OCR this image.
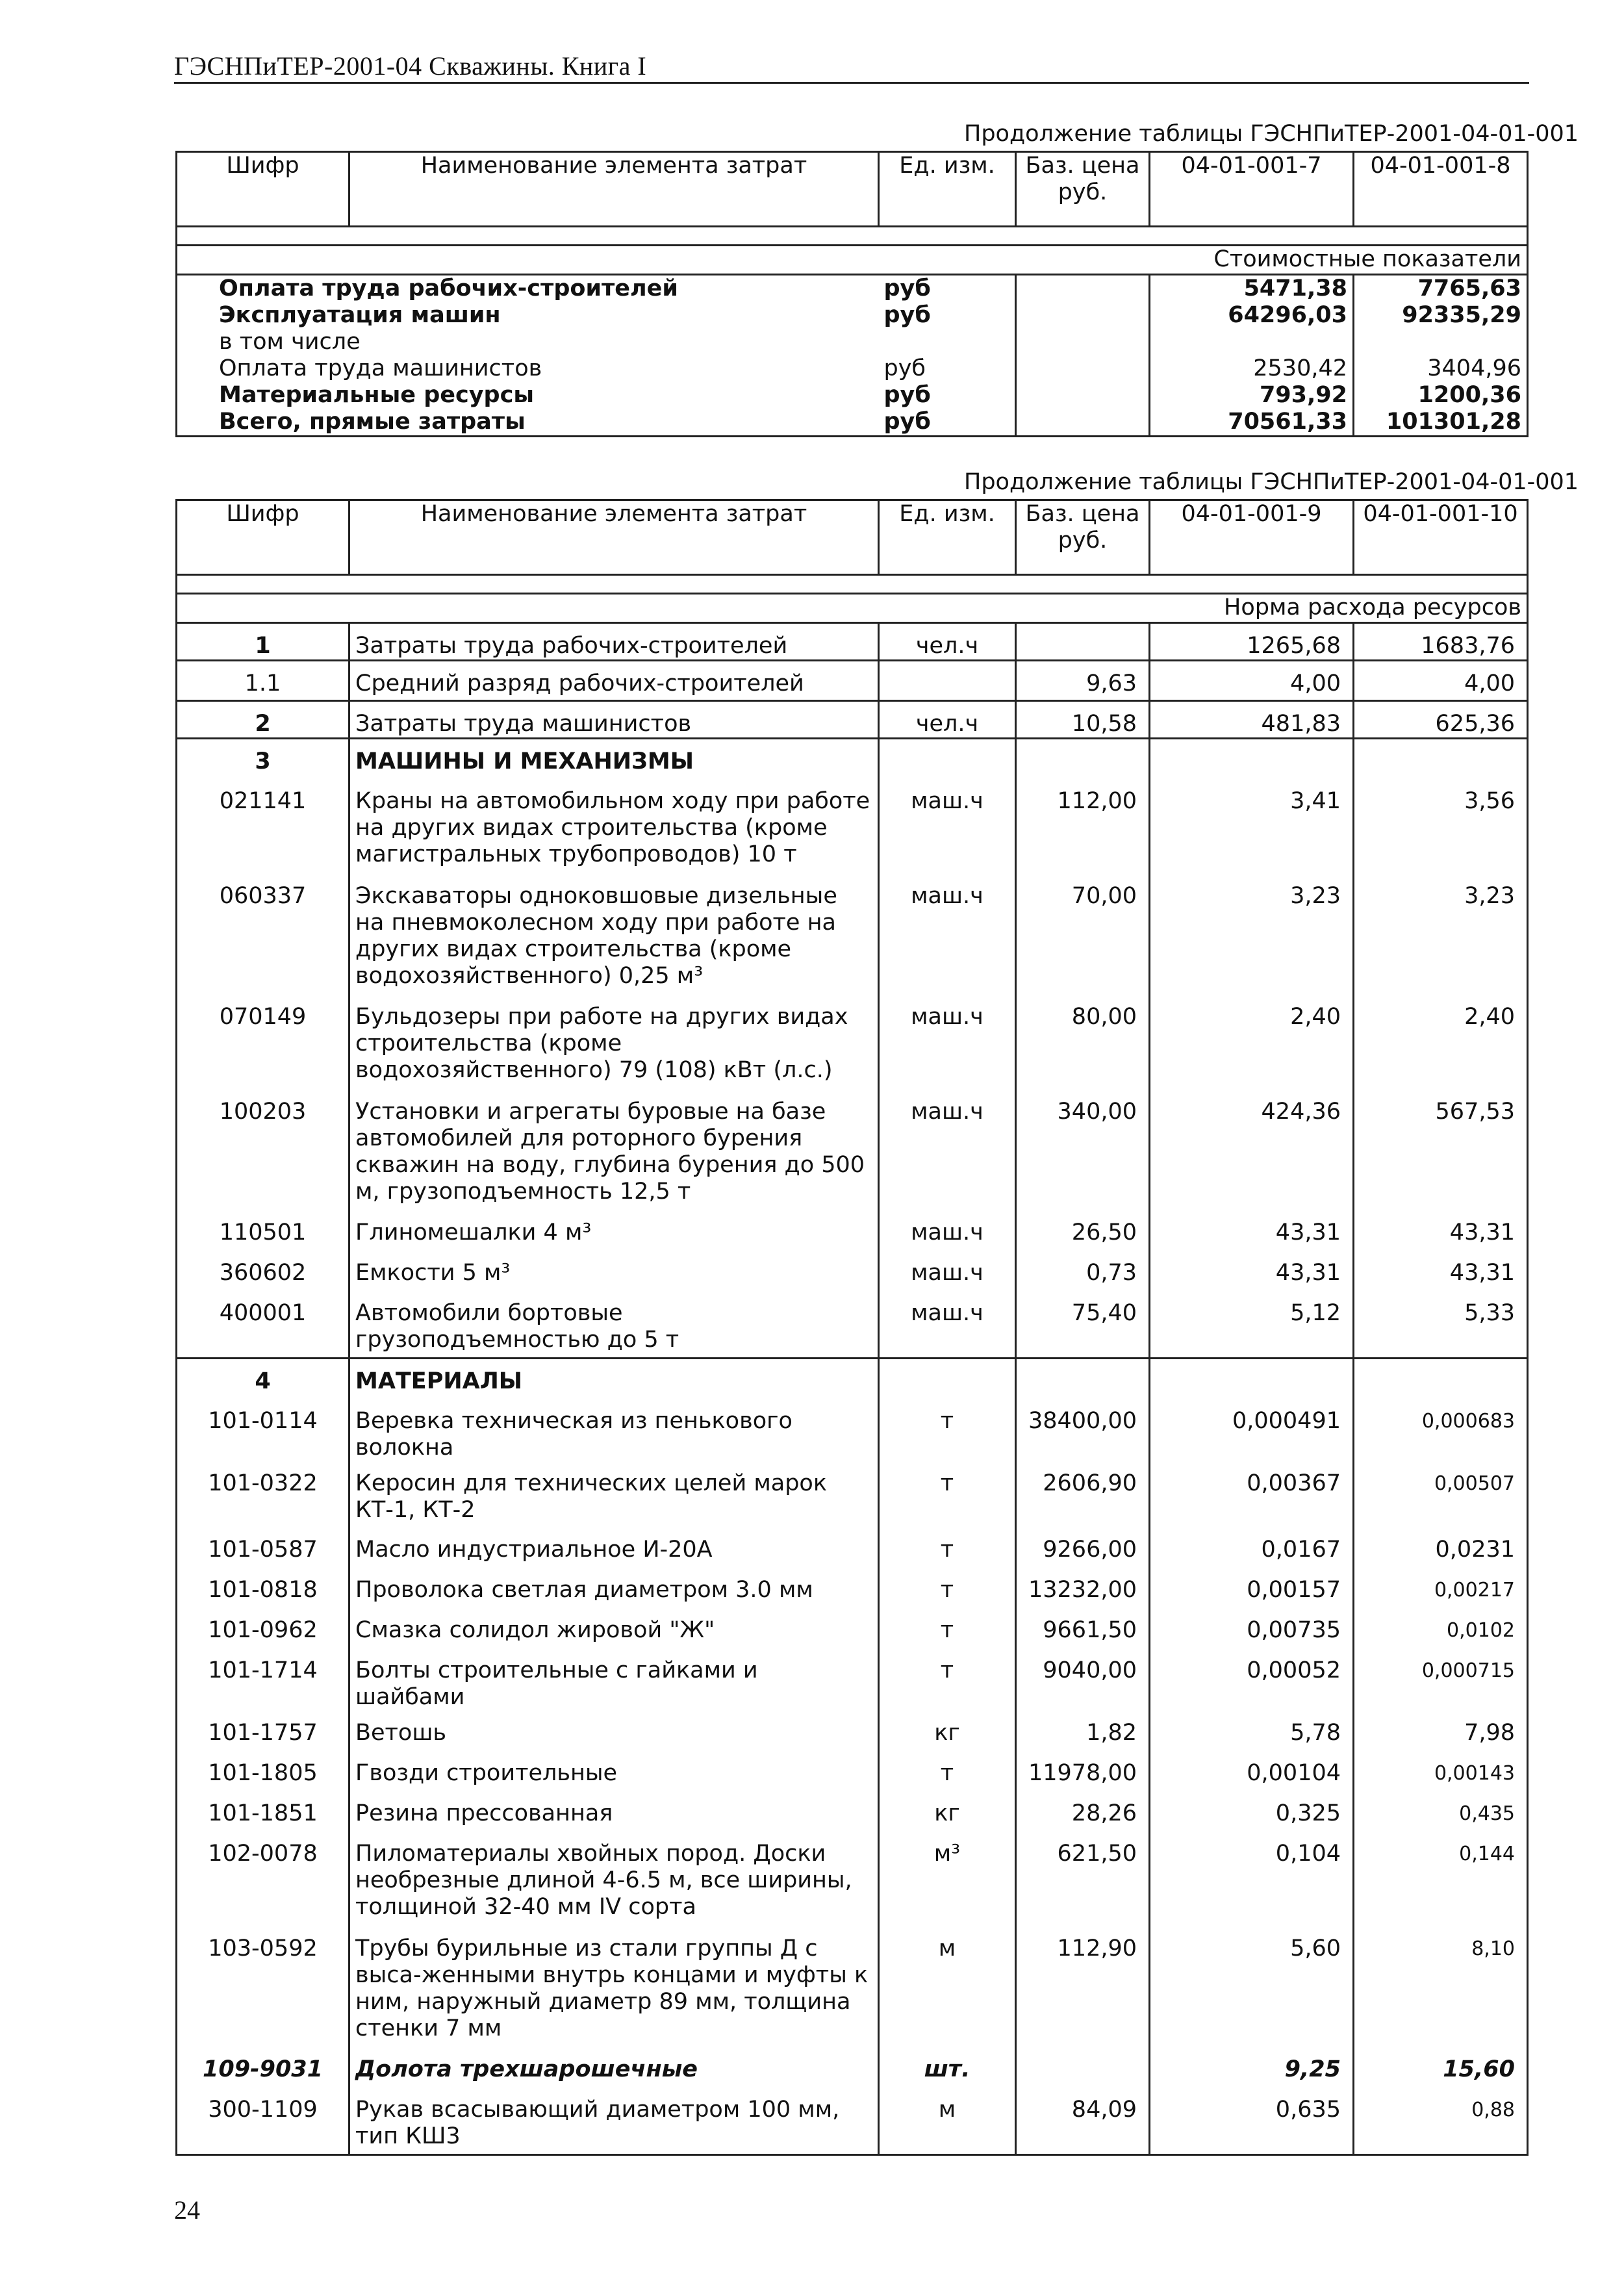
ГЭСНПиТЕР-2001-04 Скважины. Книга I
Продолжение таблицы ГЭСНПиТЕР-2001-04-01-001
Шифр	Наименование элемента затрат	Ед. изм.	Баз. цена руб.	04-01-001-7	04-01-001-8

Стоимостные показатели					
Оплата труда рабочих-строителей		руб		5471,38	7765,63
Эксплуатация машин		руб		64296,03	92335,29
в том числе					
Оплата труда машинистов		руб		2530,42	3404,96
Материальные ресурсы		руб		793,92	1200,36
Всего, прямые затраты		руб		70561,33	101301,28
Продолжение таблицы ГЭСНПиТЕР-2001-04-01-001
Шифр	Наименование элемента затрат	Ед. изм.	Баз. цена руб.	04-01-001-9	04-01-001-10

Норма расхода ресурсов					
1	Затраты труда рабочих-строителей	чел.ч		1265,68	1683,76
1.1	Средний разряд рабочих-строителей		9,63	4,00	4,00
2	Затраты труда машинистов	чел.ч	10,58	481,83	625,36
3	МАШИНЫ И МЕХАНИЗМЫ				
021141	Краны на автомобильном ходу при работе на других видах строительства (кроме магистральных трубопроводов) 10 т	маш.ч	112,00	3,41	3,56
060337	Экскаваторы одноковшовые дизельные на пневмоколесном ходу при работе на других видах строительства (кроме водохозяйственного) 0,25 м³	маш.ч	70,00	3,23	3,23
070149	Бульдозеры при работе на других видах строительства (кроме водохозяйственного) 79 (108) кВт (л.с.)	маш.ч	80,00	2,40	2,40
100203	Установки и агрегаты буровые на базе автомобилей для роторного бурения скважин на воду, глубина бурения до 500 м, грузоподъемность 12,5 т	маш.ч	340,00	424,36	567,53
110501	Глиномешалки 4 м³	маш.ч	26,50	43,31	43,31
360602	Емкости 5 м³	маш.ч	0,73	43,31	43,31
400001	Автомобили бортовые грузоподъемностью до 5 т	маш.ч	75,40	5,12	5,33
4	МАТЕРИАЛЫ				
101-0114	Веревка техническая из пенькового волокна	т	38400,00	0,000491	0,000683
101-0322	Керосин для технических целей марок КТ-1, КТ-2	т	2606,90	0,00367	0,00507
101-0587	Масло индустриальное И-20А	т	9266,00	0,0167	0,0231
101-0818	Проволока светлая диаметром 3.0 мм	т	13232,00	0,00157	0,00217
101-0962	Смазка солидол жировой "Ж"	т	9661,50	0,00735	0,0102
101-1714	Болты строительные с гайками и шайбами	т	9040,00	0,00052	0,000715
101-1757	Ветошь	кг	1,82	5,78	7,98
101-1805	Гвозди строительные	т	11978,00	0,00104	0,00143
101-1851	Резина прессованная	кг	28,26	0,325	0,435
102-0078	Пиломатериалы хвойных пород. Доски необрезные длиной 4-6.5 м, все ширины, толщиной 32-40 мм IV сорта	м³	621,50	0,104	0,144
103-0592	Трубы бурильные из стали группы Д с выса-женными внутрь концами и муфты к ним, наружный диаметр 89 мм, толщина стенки 7 мм	м	112,90	5,60	8,10
109-9031	Долота трехшарошечные	шт.		9,25	15,60
300-1109	Рукав всасывающий диаметром 100 мм, тип КШ3	м	84,09	0,635	0,88
24
